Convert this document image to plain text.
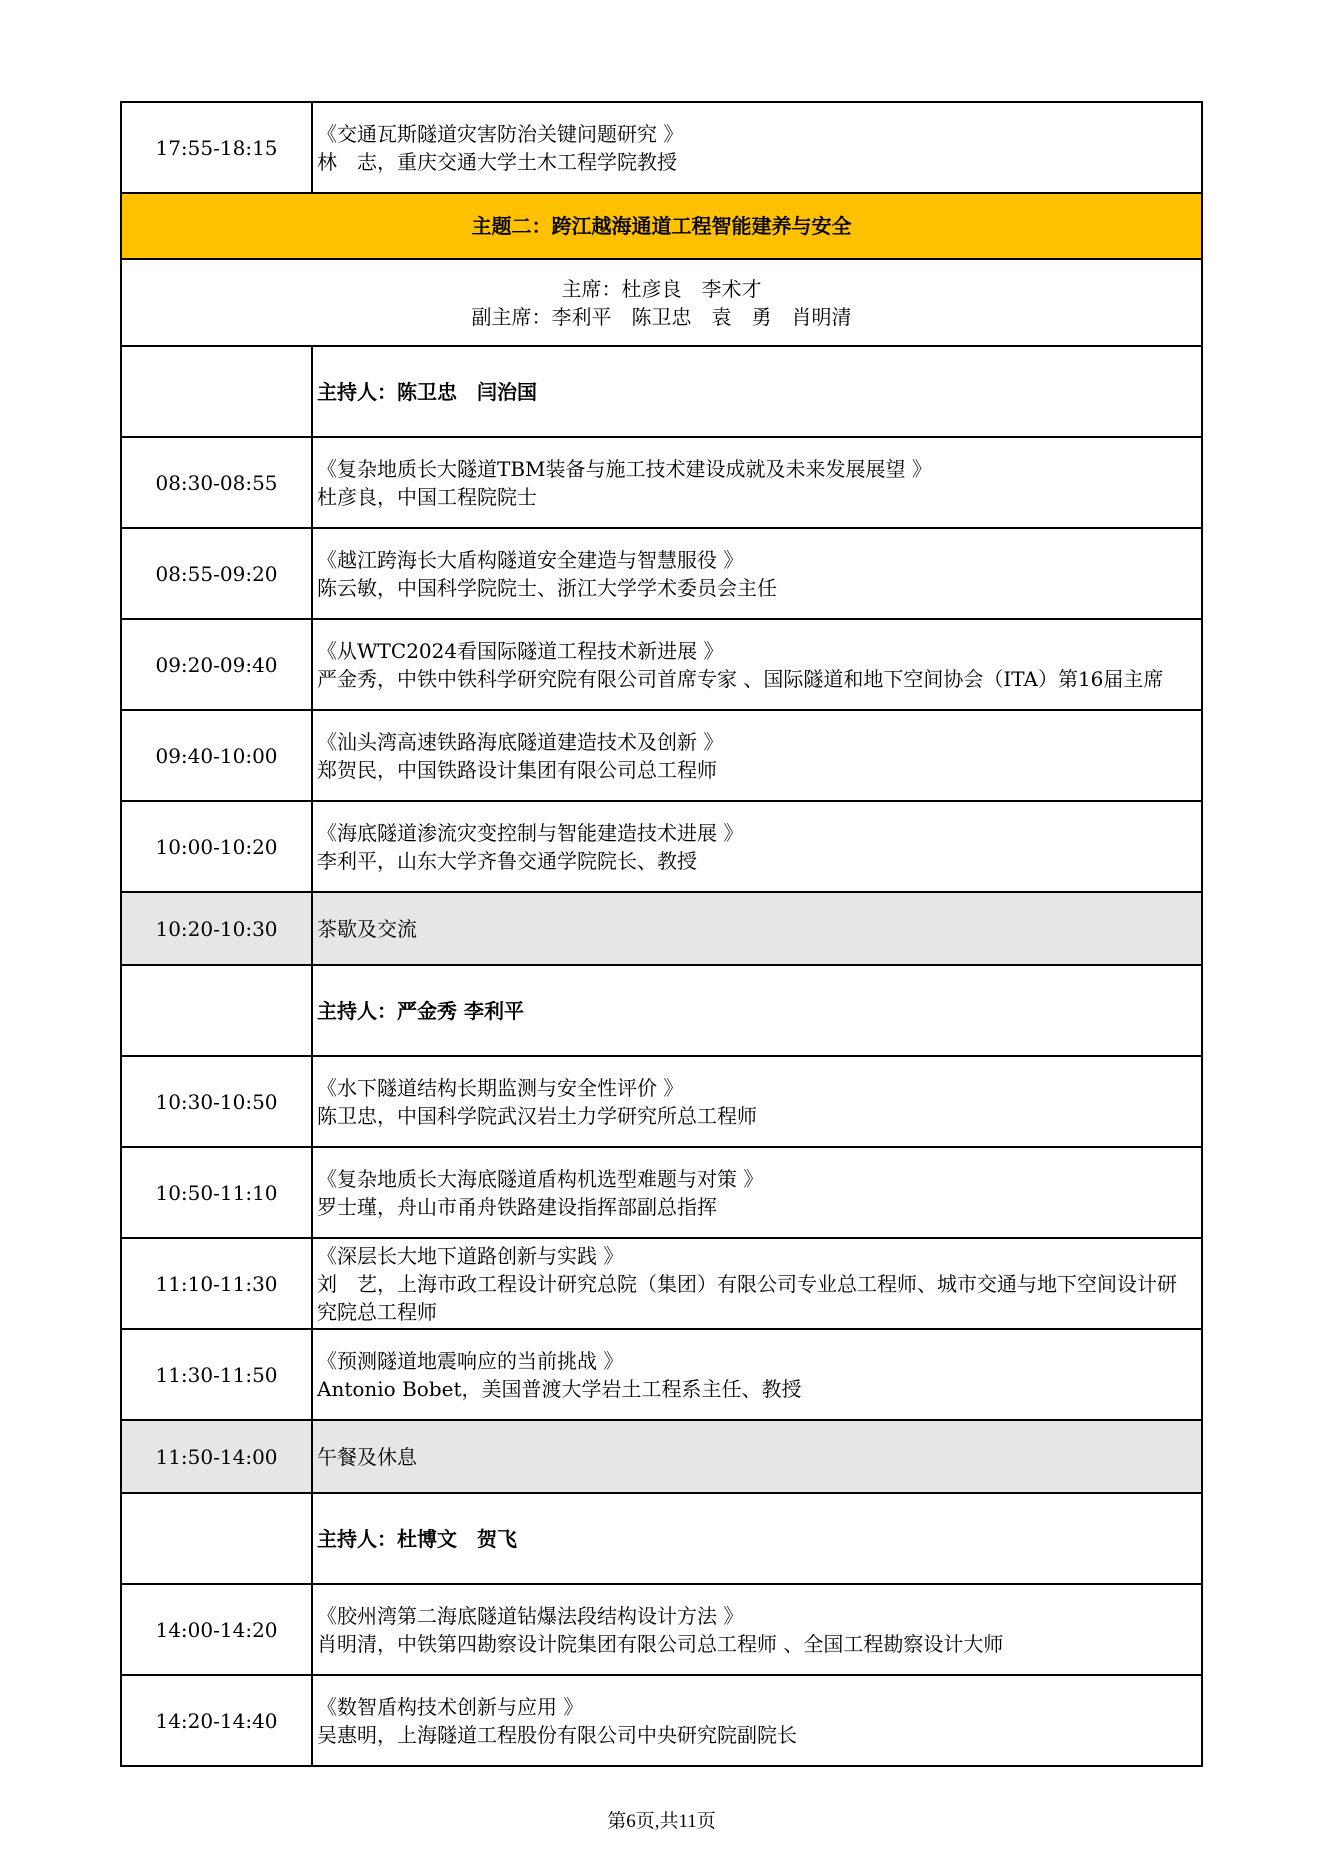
17:55-18:15	《交通瓦斯隧道灾害防治关键问题研究 》
林　志，重庆交通大学土木工程学院教授

主题二：跨江越海通道工程智能建养与安全	

主席：杜彦良　李术才
副主席：李利平　陈卫忠　袁　勇　肖明清	

	主持人：陈卫忠　闫治国
08:30-08:55	《复杂地质长大隧道TBM装备与施工技术建设成就及未来发展展望 》
杜彦良，中国工程院院士

08:55-09:20	《越江跨海长大盾构隧道安全建造与智慧服役 》
陈云敏，中国科学院院士、浙江大学学术委员会主任

09:20-09:40	《从WTC2024看国际隧道工程技术新进展 》
严金秀，中铁中铁科学研究院有限公司首席专家 、国际隧道和地下空间协会（ITA）第16届主席

09:40-10:00	《汕头湾高速铁路海底隧道建造技术及创新 》
郑贺民，中国铁路设计集团有限公司总工程师

10:00-10:20	《海底隧道渗流灾变控制与智能建造技术进展 》
李利平，山东大学齐鲁交通学院院长、教授

10:20-10:30	茶歇及交流
	主持人：严金秀 李利平
10:30-10:50	《水下隧道结构长期监测与安全性评价 》
陈卫忠，中国科学院武汉岩土力学研究所总工程师

10:50-11:10	《复杂地质长大海底隧道盾构机选型难题与对策 》
罗士瑾，舟山市甬舟铁路建设指挥部副总指挥

11:10-11:30	《深层长大地下道路创新与实践 》
刘　艺，上海市政工程设计研究总院（集团）有限公司专业总工程师、城市交通与地下空间设计研究院总工程师

11:30-11:50	《预测隧道地震响应的当前挑战 》
Antonio Bobet，美国普渡大学岩土工程系主任、教授

11:50-14:00	午餐及休息
	主持人：杜博文　贺飞
14:00-14:20	《胶州湾第二海底隧道钻爆法段结构设计方法 》
肖明清，中铁第四勘察设计院集团有限公司总工程师 、全国工程勘察设计大师

14:20-14:40	《数智盾构技术创新与应用 》
吴惠明，上海隧道工程股份有限公司中央研究院副院长
第6页,共11页
